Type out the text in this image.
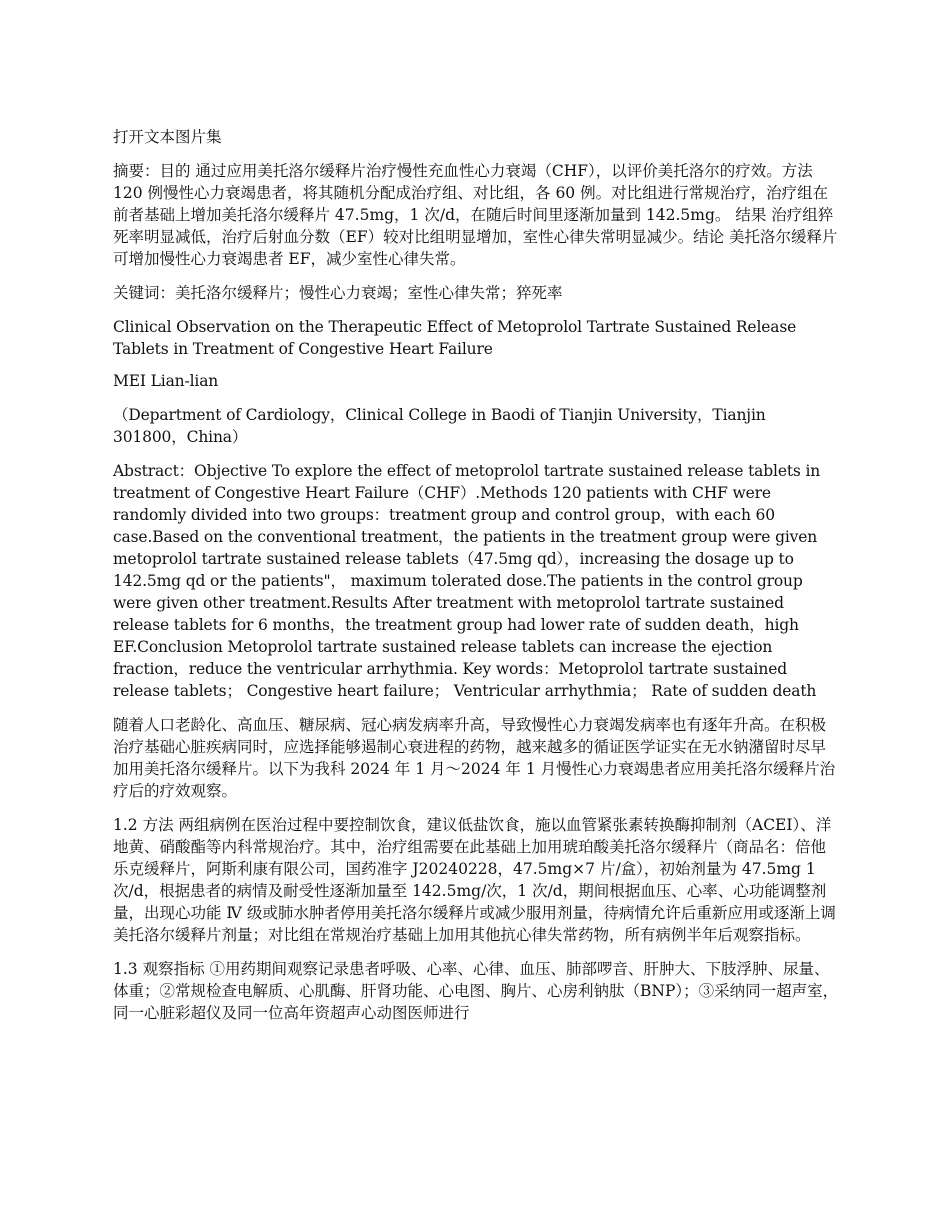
打开文本图片集

摘要：目的 通过应用美托洛尔缓释片治疗慢性充血性心力衰竭（CHF），以评价美托洛尔的疗效。方法 120 例慢性心力衰竭患者，将其随机分配成治疗组、对比组，各 60 例。对比组进行常规治疗，治疗组在前者基础上增加美托洛尔缓释片 47.5mg，1 次/d，在随后时间里逐渐加量到 142.5mg。 结果 治疗组猝死率明显减低，治疗后射血分数（EF）较对比组明显增加，室性心律失常明显减少。结论 美托洛尔缓释片可增加慢性心力衰竭患者 EF，减少室性心律失常。

关键词：美托洛尔缓释片；慢性心力衰竭；室性心律失常；猝死率

Clinical Observation on the Therapeutic Effect of Metoprolol Tartrate Sustained Release Tablets in Treatment of Congestive Heart Failure

MEI Lian-lian

（Department of Cardiology，Clinical College in Baodi of Tianjin University，Tianjin 301800，China）

Abstract：Objective To explore the effect of metoprolol tartrate sustained release tablets in treatment of Congestive Heart Failure（CHF）.Methods 120 patients with CHF were randomly divided into two groups：treatment group and control group，with each 60 case.Based on the conventional treatment，the patients in the treatment group were given metoprolol tartrate sustained release tablets（47.5mg qd），increasing the dosage up to 142.5mg qd or the patients"， maximum tolerated dose.The patients in the control group were given other treatment.Results After treatment with metoprolol tartrate sustained release tablets for 6 months，the treatment group had lower rate of sudden death，high EF.Conclusion Metoprolol tartrate sustained release tablets can increase the ejection fraction，reduce the ventricular arrhythmia. Key words：Metoprolol tartrate sustained release tablets； Congestive heart failure； Ventricular arrhythmia； Rate of sudden death

随着人口老龄化、高血压、糖尿病、冠心病发病率升高，导致慢性心力衰竭发病率也有逐年升高。在积极治疗基础心脏疾病同时，应选择能够遏制心衰进程的药物，越来越多的循证医学证实在无水钠潴留时尽早加用美托洛尔缓释片。以下为我科 2024 年 1 月～2024 年 1 月慢性心力衰竭患者应用美托洛尔缓释片治疗后的疗效观察。

1.2 方法 两组病例在医治过程中要控制饮食，建议低盐饮食，施以血管紧张素转换酶抑制剂（ACEI）、洋地黄、硝酸酯等内科常规治疗。其中，治疗组需要在此基础上加用琥珀酸美托洛尔缓释片（商品名：倍他乐克缓释片，阿斯利康有限公司，国药准字 J20240228，47.5mg×7 片/盒），初始剂量为 47.5mg 1 次/d，根据患者的病情及耐受性逐渐加量至 142.5mg/次，1 次/d，期间根据血压、心率、心功能调整剂量，出现心功能 Ⅳ 级或肺水肿者停用美托洛尔缓释片或减少服用剂量，待病情允许后重新应用或逐渐上调美托洛尔缓释片剂量；对比组在常规治疗基础上加用其他抗心律失常药物，所有病例半年后观察指标。

1.3 观察指标 ①用药期间观察记录患者呼吸、心率、心律、血压、肺部啰音、肝肿大、下肢浮肿、尿量、体重；②常规检查电解质、心肌酶、肝肾功能、心电图、胸片、心房利钠肽（BNP）；③采纳同一超声室，同一心脏彩超仪及同一位高年资超声心动图医师进行
